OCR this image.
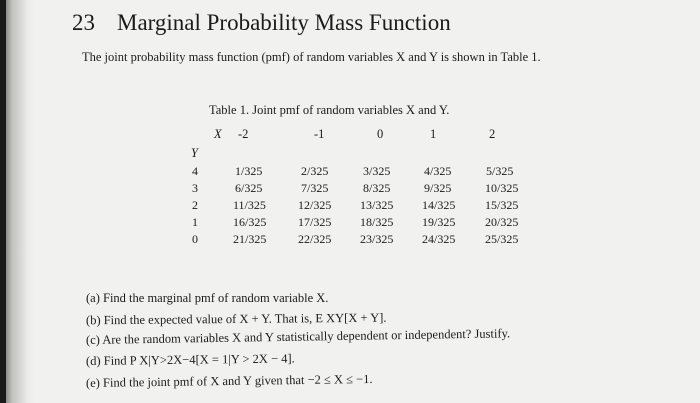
23 Marginal Probability Mass Function
The joint probability mass function (pmf) of random variables X and Y is shown in Table 1.
Table 1. Joint pmf of random variables X and Y.
X -2	-1	0	1	2
Y
4	1/325	2/325	3/325	4/325	5/325
3	6/325	7/325	8/325	9/325	10/325
2	11/325	12/325 13/325 14/325 15/325
1	16/325	17/325 18/325 19/325 20/325
0	21/325	22/325 23/325 24/325 25/325
(a) Find the marginal pmf of random variable X.
(b) Find the expected value of X + Y. That is, E XY[X + Y].
(c) Are the random variables X and Y statistically dependent or independent? Justify.
(d) Find P X|Y>2X−4[X = 1|Y > 2X − 4].
(e) Find the joint pmf of X and Y given that −2 ≤ X ≤ −1.
